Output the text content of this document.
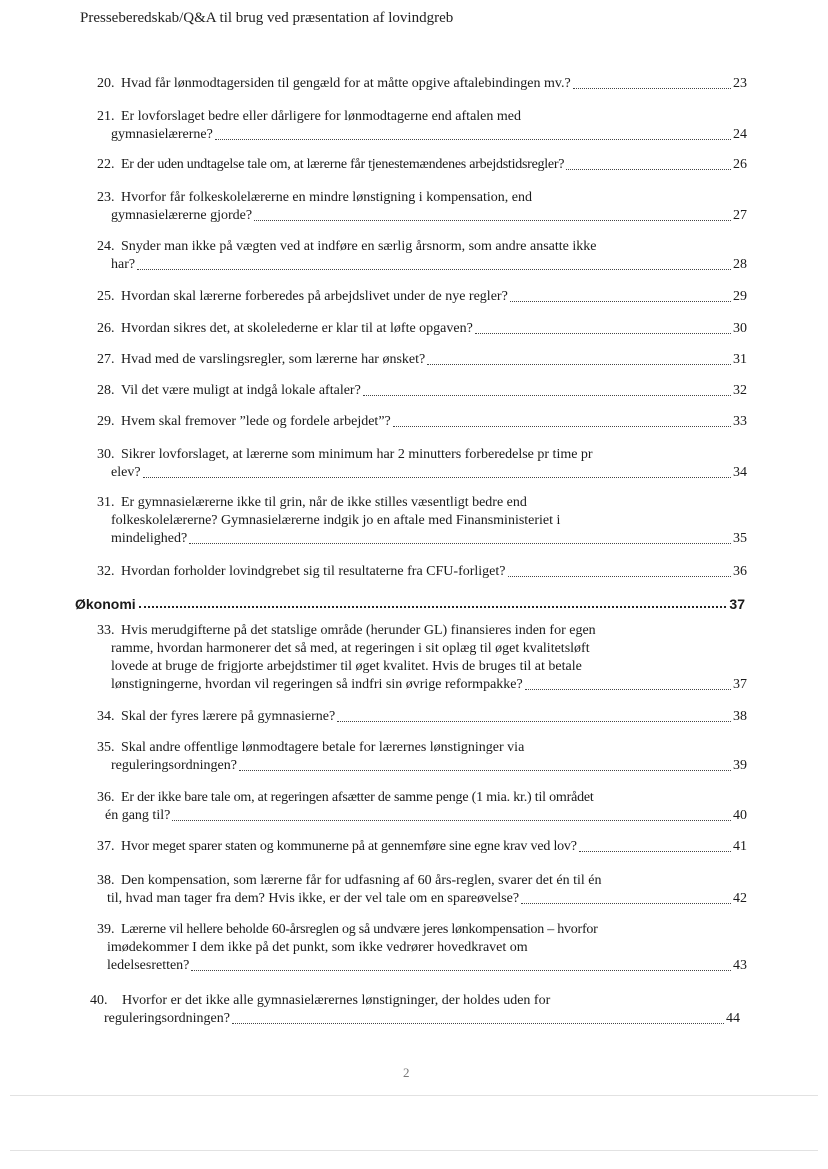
Presseberedskab/Q&A til brug ved præsentation af lovindgreb
20. Hvad får lønmodtagersiden til gengæld for at måtte opgive aftalebindingen mv.?	23
21. Er lovforslaget bedre eller dårligere for lønmodtagerne end aftalen med
gymnasielærerne?	24
22. Er der uden undtagelse tale om, at lærerne får tjenestemændenes arbejdstidsregler?	26
23. Hvorfor får folkeskolelærerne en mindre lønstigning i kompensation, end
gymnasielærerne gjorde?	27
24. Snyder man ikke på vægten ved at indføre en særlig årsnorm, som andre ansatte ikke
har?	28
25. Hvordan skal lærerne forberedes på arbejdslivet under de nye regler?	29
26. Hvordan sikres det, at skolelederne er klar til at løfte opgaven?	30
27. Hvad med de varslingsregler, som lærerne har ønsket?	31
28. Vil det være muligt at indgå lokale aftaler?	32
29. Hvem skal fremover ”lede og fordele arbejdet”?	33
30. Sikrer lovforslaget, at lærerne som minimum har 2 minutters forberedelse pr time pr
elev?	34
31. Er gymnasielærerne ikke til grin, når de ikke stilles væsentligt bedre end
folkeskolelærerne? Gymnasielærerne indgik jo en aftale med Finansministeriet i
mindelighed?	35
32. Hvordan forholder lovindgrebet sig til resultaterne fra CFU-forliget?	36
Økonomi	37
33. Hvis merudgifterne på det statslige område (herunder GL) finansieres inden for egen
ramme, hvordan harmonerer det så med, at regeringen i sit oplæg til øget kvalitetsløft
lovede at bruge de frigjorte arbejdstimer til øget kvalitet. Hvis de bruges til at betale
lønstigningerne, hvordan vil regeringen så indfri sin øvrige reformpakke?	37
34. Skal der fyres lærere på gymnasierne?	38
35. Skal andre offentlige lønmodtagere betale for lærernes lønstigninger via
reguleringsordningen?	39
36. Er der ikke bare tale om, at regeringen afsætter de samme penge (1 mia. kr.) til området
én gang til?	40
37. Hvor meget sparer staten og kommunerne på at gennemføre sine egne krav ved lov?	41
38. Den kompensation, som lærerne får for udfasning af 60 års-reglen, svarer det én til én
til, hvad man tager fra dem? Hvis ikke, er der vel tale om en spareøvelse?	42
39. Lærerne vil hellere beholde 60-årsreglen og så undvære jeres lønkompensation – hvorfor
imødekommer I dem ikke på det punkt, som ikke vedrører hovedkravet om
ledelsesretten?	43
40.	Hvorfor er det ikke alle gymnasielærernes lønstigninger, der holdes uden for
reguleringsordningen?	44
2
